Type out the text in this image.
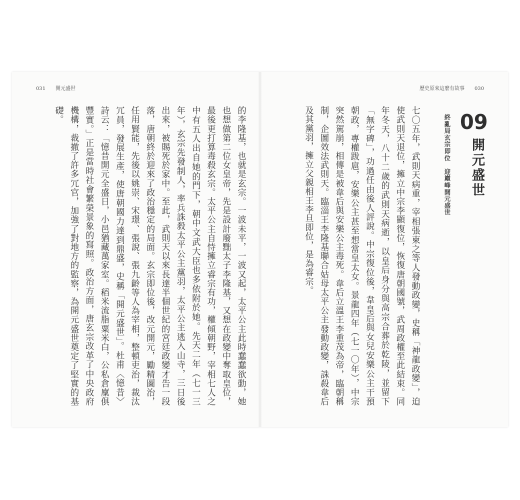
031 開元盛世
的李隆基，也就是玄宗。一波未平，一波又起，太平公主此時蠢蠢欲動，她也想做第二位女皇帝，先是設計廢黜太子李隆基，又想在政變中奪取皇位，最後更打算毒殺玄宗。太平公主自恃擁立睿宗有功，權傾朝野，宰相七人之中有五人出自她的門下，朝中文武大臣也多依附於她。先天二年（七一三年），玄宗先發制人，率兵誅殺太平公主黨羽，太平公主逃入山寺，三日後出來，被賜死於家中。至此，武則天以來長達半個世紀的宮廷政變才告一段落，唐朝終於迎來了政治穩定的局面。玄宗即位後，改元開元，勵精圖治，任用賢能，先後以姚崇、宋璟、張說、張九齡等人為宰相，整頓吏治，裁汰冗員，發展生產，使唐朝國力達到鼎盛，史稱「開元盛世」。杜甫〈憶昔〉詩云：「憶昔開元全盛日，小邑猶藏萬家室。稻米流脂粟米白，公私倉廩俱豐實。」正是當時社會繁榮景象的寫照。政治方面，唐玄宗改革了中央政府機構，裁撤了許多冗官，加強了對地方的監察，為開元盛世奠定了堅實的基礎。
歷史原來這麼有故事 030
09
開元盛世
終亂局玄宗即位　迎巔峰開元盛世
七〇五年，武則天病重，宰相張柬之等人發動政變，史稱「神龍政變」，迫使武則天退位，擁立中宗李顯復位，恢復唐朝國號，武周政權至此結束。同年冬天，八十二歲的武則天病逝，以皇后身分與高宗合葬於乾陵，並留下「無字碑」，功過任由後人評說。中宗復位後，韋皇后與女兒安樂公主干預朝政，專權跋扈，安樂公主甚至想當皇太女。景龍四年（七一〇年），中宗突然駕崩，相傳是被韋后與安樂公主毒死。韋后立溫王李重茂為帝，臨朝稱制，企圖效法武則天。臨淄王李隆基聯合姑母太平公主發動政變，誅殺韋后及其黨羽，擁立父親相王李旦即位，是為睿宗。
